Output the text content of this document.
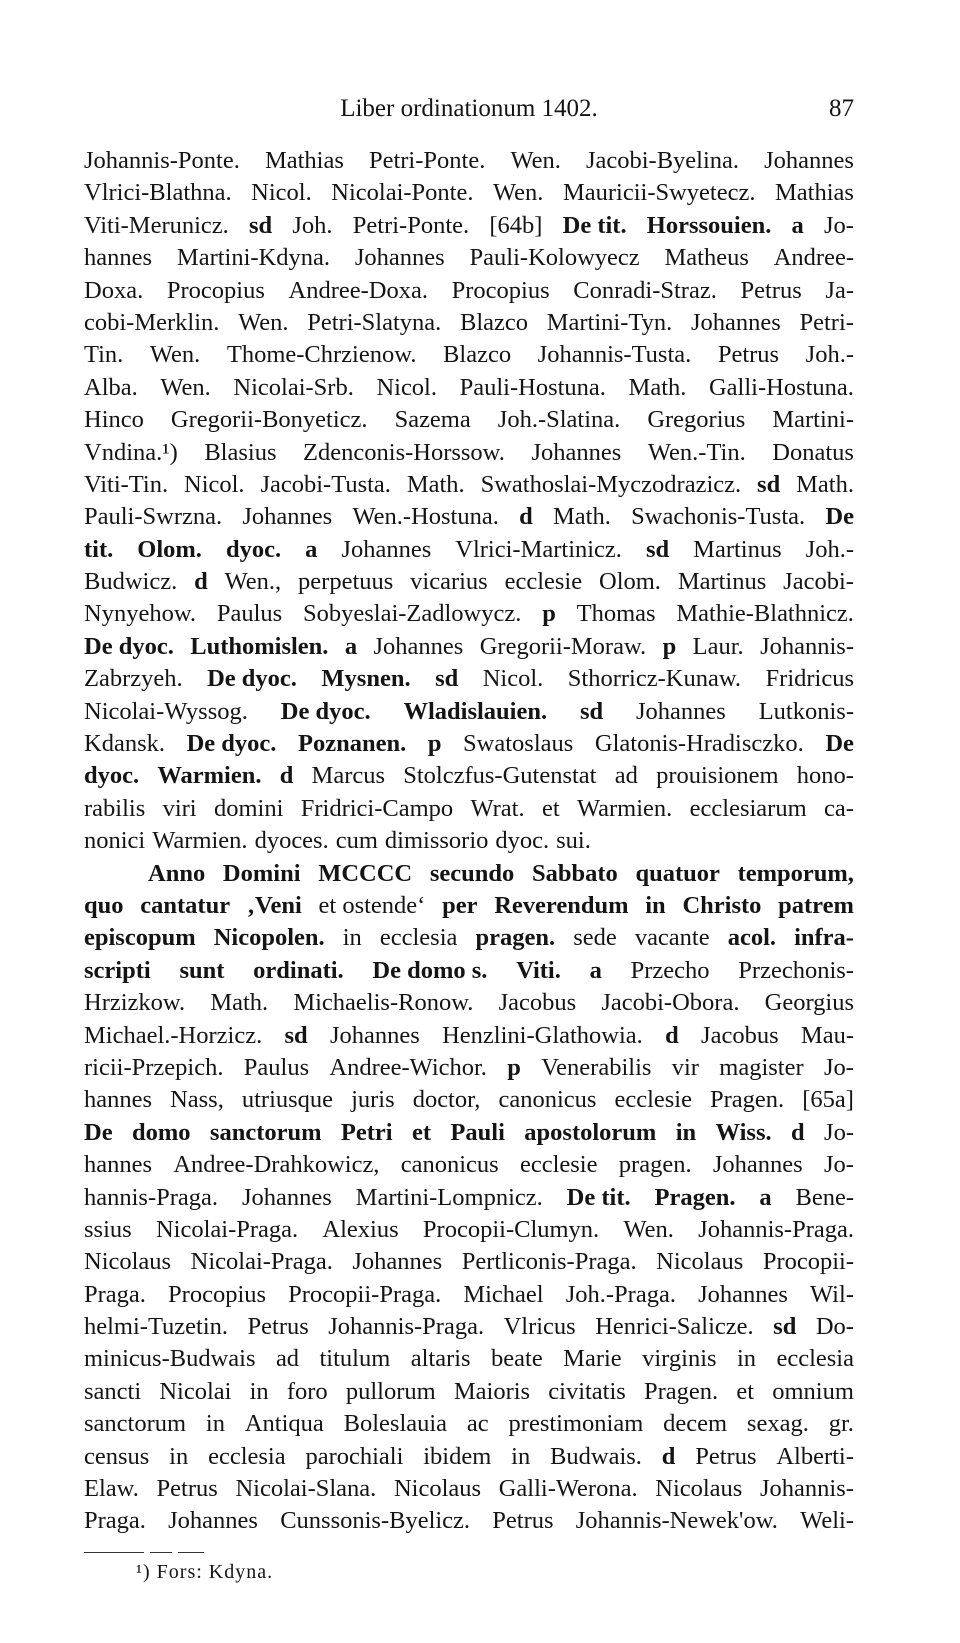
Liber ordinationum 1402.	87
Johannis-Ponte. Mathias Petri-Ponte. Wen. Jacobi-Byelina. Johannes
Vlrici-Blathna. Nicol. Nicolai-Ponte. Wen. Mauricii-Swyetecz. Mathias
Viti-Merunicz. sd Joh. Petri-Ponte. [64b] De tit. Horssouien. a Jo-
hannes Martini-Kdyna. Johannes Pauli-Kolowyecz Matheus Andree-
Doxa. Procopius Andree-Doxa. Procopius Conradi-Straz. Petrus Ja-
cobi-Merklin. Wen. Petri-Slatyna. Blazco Martini-Tyn. Johannes Petri-
Tin. Wen. Thome-Chrzienow. Blazco Johannis-Tusta. Petrus Joh.-
Alba. Wen. Nicolai-Srb. Nicol. Pauli-Hostuna. Math. Galli-Hostuna.
Hinco Gregorii-Bonyeticz. Sazema Joh.-Slatina. Gregorius Martini-
Vndina.¹) Blasius Zdenconis-Horssow. Johannes Wen.-Tin. Donatus
Viti-Tin. Nicol. Jacobi-Tusta. Math. Swathoslai-Myczodrazicz. sd Math.
Pauli-Swrzna. Johannes Wen.-Hostuna. d Math. Swachonis-Tusta. De
tit. Olom. dyoc. a Johannes Vlrici-Martinicz. sd Martinus Joh.-
Budwicz. d Wen., perpetuus vicarius ecclesie Olom. Martinus Jacobi-
Nynyehow. Paulus Sobyeslai-Zadlowycz. p Thomas Mathie-Blathnicz.
De dyoc. Luthomislen. a Johannes Gregorii-Moraw. p Laur. Johannis-
Zabrzyeh. De dyoc. Mysnen. sd Nicol. Sthorricz-Kunaw. Fridricus
Nicolai-Wyssog. De dyoc. Wladislauien. sd Johannes Lutkonis-
Kdansk. De dyoc. Poznanen. p Swatoslaus Glatonis-Hradisczko. De
dyoc. Warmien. d Marcus Stolczfus-Gutenstat ad prouisionem hono-
rabilis viri domini Fridrici-Campo Wrat. et Warmien. ecclesiarum ca-
nonici Warmien. dyoces. cum dimissorio dyoc. sui.
Anno Domini MCCCC secundo Sabbato quatuor temporum,
quo cantatur ‚Veni et ostende‘ per Reverendum in Christo patrem
episcopum Nicopolen. in ecclesia pragen. sede vacante acol. infra-
scripti sunt ordinati. De domo s. Viti. a Przecho Przechonis-
Hrzizkow. Math. Michaelis-Ronow. Jacobus Jacobi-Obora. Georgius
Michael.-Horzicz. sd Johannes Henzlini-Glathowia. d Jacobus Mau-
ricii-Przepich. Paulus Andree-Wichor. p Venerabilis vir magister Jo-
hannes Nass, utriusque juris doctor, canonicus ecclesie Pragen. [65a]
De domo sanctorum Petri et Pauli apostolorum in Wiss. d Jo-
hannes Andree-Drahkowicz, canonicus ecclesie pragen. Johannes Jo-
hannis-Praga. Johannes Martini-Lompnicz. De tit. Pragen. a Bene-
ssius Nicolai-Praga. Alexius Procopii-Clumyn. Wen. Johannis-Praga.
Nicolaus Nicolai-Praga. Johannes Pertliconis-Praga. Nicolaus Procopii-
Praga. Procopius Procopii-Praga. Michael Joh.-Praga. Johannes Wil-
helmi-Tuzetin. Petrus Johannis-Praga. Vlricus Henrici-Salicze. sd Do-
minicus-Budwais ad titulum altaris beate Marie virginis in ecclesia
sancti Nicolai in foro pullorum Maioris civitatis Pragen. et omnium
sanctorum in Antiqua Boleslauia ac prestimoniam decem sexag. gr.
census in ecclesia parochiali ibidem in Budwais. d Petrus Alberti-
Elaw. Petrus Nicolai-Slana. Nicolaus Galli-Werona. Nicolaus Johannis-
Praga. Johannes Cunssonis-Byelicz. Petrus Johannis-Newek'ow. Weli-
¹) Fors: Kdyna.
